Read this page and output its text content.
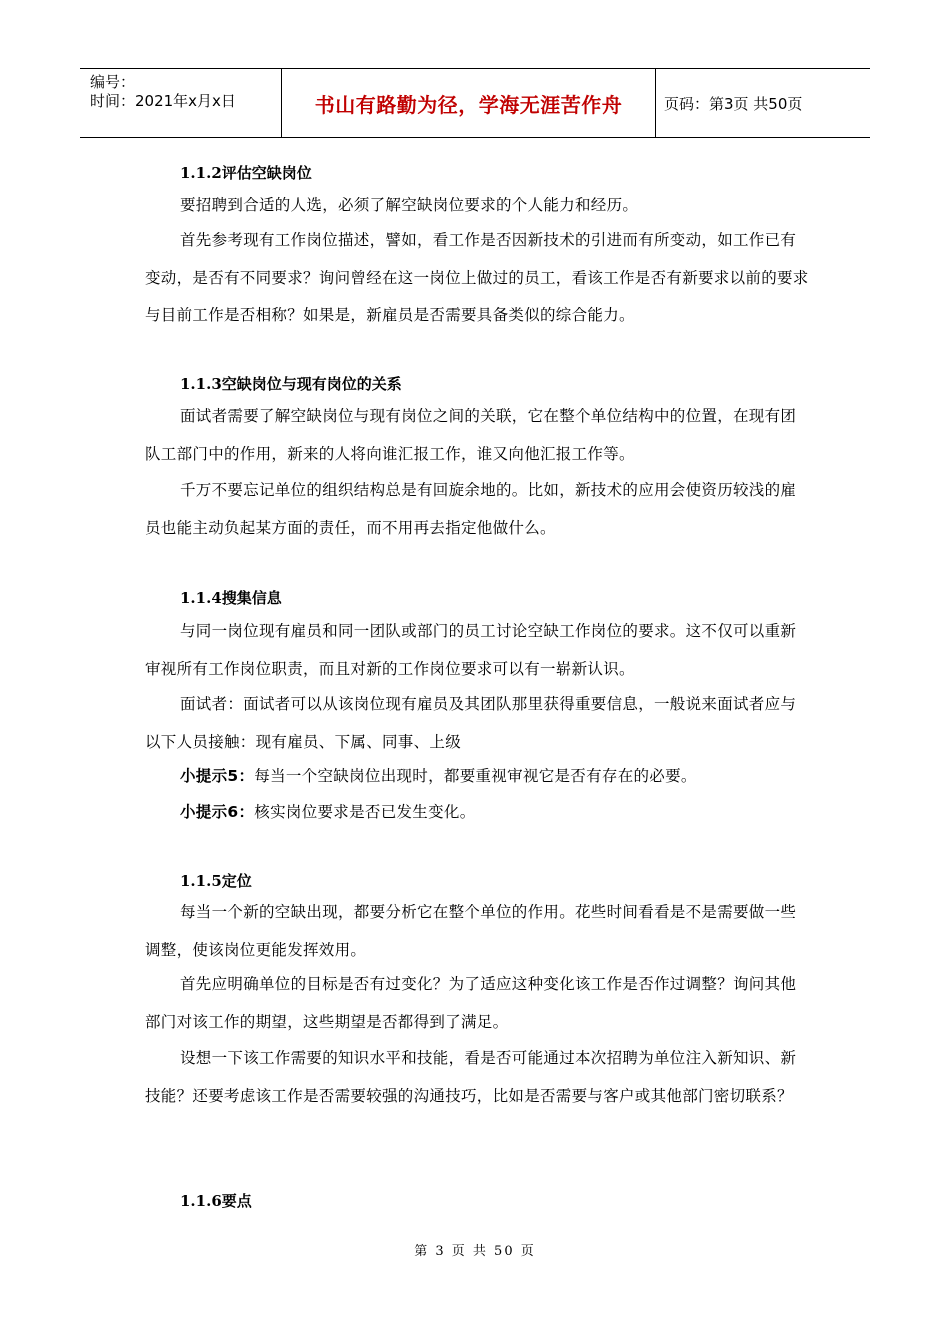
编号：
时间：2021年x月x日	书山有路勤为径，学海无涯苦作舟	页码：第3页 共50页
1.1.2评估空缺岗位

要招聘到合适的人选，必须了解空缺岗位要求的个人能力和经历。

首先参考现有工作岗位描述，譬如，看工作是否因新技术的引进而有所变动，如工作已有变动，是否有不同要求？询问曾经在这一岗位上做过的员工，看该工作是否有新要求以前的要求与目前工作是否相称？如果是，新雇员是否需要具备类似的综合能力。

1.1.3空缺岗位与现有岗位的关系

面试者需要了解空缺岗位与现有岗位之间的关联，它在整个单位结构中的位置，在现有团队工部门中的作用，新来的人将向谁汇报工作，谁又向他汇报工作等。

千万不要忘记单位的组织结构总是有回旋余地的。比如，新技术的应用会使资历较浅的雇员也能主动负起某方面的责任，而不用再去指定他做什么。

1.1.4搜集信息

与同一岗位现有雇员和同一团队或部门的员工讨论空缺工作岗位的要求。这不仅可以重新审视所有工作岗位职责，而且对新的工作岗位要求可以有一崭新认识。

面试者：面试者可以从该岗位现有雇员及其团队那里获得重要信息，一般说来面试者应与以下人员接触：现有雇员、下属、同事、上级

小提示5：每当一个空缺岗位出现时，都要重视审视它是否有存在的必要。
小提示6：核实岗位要求是否已发生变化。
1.1.5定位

每当一个新的空缺出现，都要分析它在整个单位的作用。花些时间看看是不是需要做一些调整，使该岗位更能发挥效用。

首先应明确单位的目标是否有过变化？为了适应这种变化该工作是否作过调整？询问其他部门对该工作的期望，这些期望是否都得到了满足。

设想一下该工作需要的知识水平和技能，看是否可能通过本次招聘为单位注入新知识、新技能？还要考虑该工作是否需要较强的沟通技巧，比如是否需要与客户或其他部门密切联系？

1.1.6要点
第 3 页 共 50 页
